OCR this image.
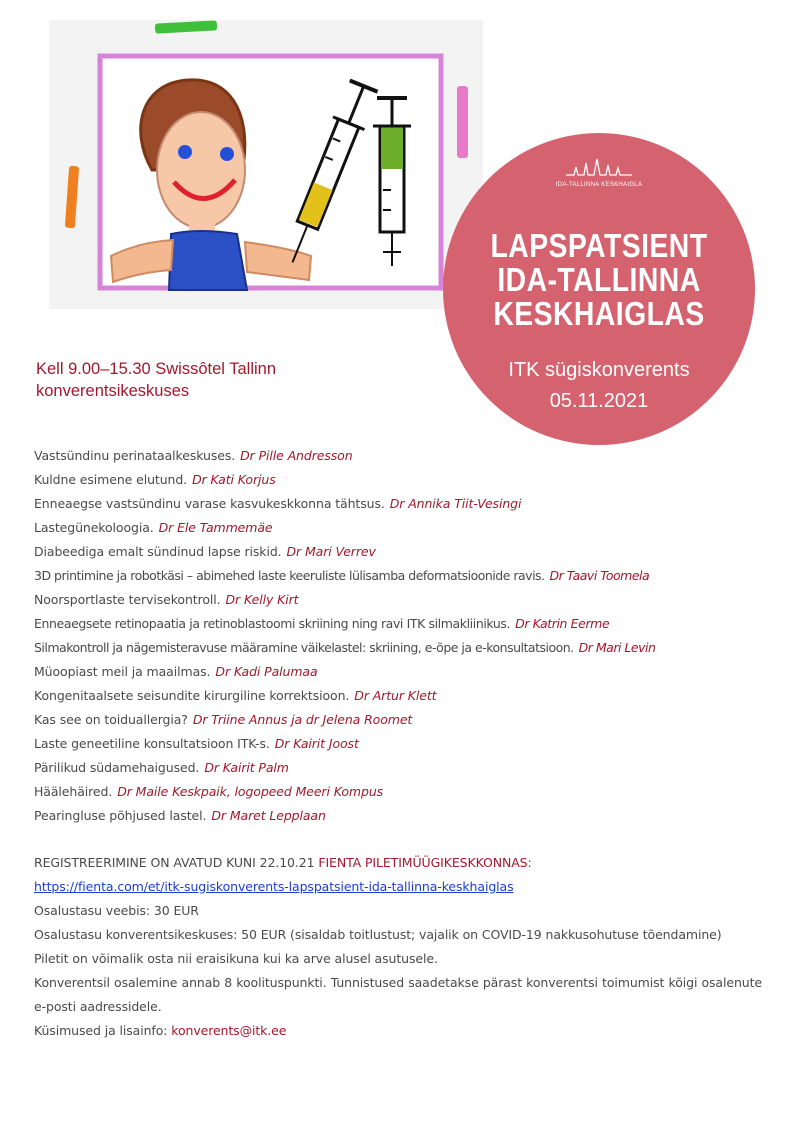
IDA-TALLINNA KESKHAIGLA
LAPSPATSIENT
IDA-TALLINNA
KESKHAIGLAS
ITK sügiskonverents
05.11.2021
Kell 9.00–15.30 Swissôtel Tallinn
konverentsikeskuses
Vastsündinu perinataalkeskuses. Dr Pille Andresson
Kuldne esimene elutund. Dr Kati Korjus
Enneaegse vastsündinu varase kasvukeskkonna tähtsus. Dr Annika Tiit-Vesingi
Lastegünekoloogia. Dr Ele Tammemäe
Diabeediga emalt sündinud lapse riskid. Dr Mari Verrev
3D printimine ja robotkäsi – abimehed laste keeruliste lülisamba deformatsioonide ravis. Dr Taavi Toomela
Noorsportlaste tervisekontroll. Dr Kelly Kirt
Enneaegsete retinopaatia ja retinoblastoomi skriining ning ravi ITK silmakliinikus. Dr Katrin Eerme
Silmakontroll ja nägemisteravuse määramine väikelastel: skriining, e-õpe ja e-konsultatsioon. Dr Mari Levin
Müoopiast meil ja maailmas. Dr Kadi Palumaa
Kongenitaalsete seisundite kirurgiline korrektsioon. Dr Artur Klett
Kas see on toiduallergia? Dr Triine Annus ja dr Jelena Roomet
Laste geneetiline konsultatsioon ITK-s. Dr Kairit Joost
Pärilikud südamehaigused. Dr Kairit Palm
Häälehäired. Dr Maile Keskpaik, logopeed Meeri Kompus
Pearingluse põhjused lastel. Dr Maret Lepplaan
REGISTREERIMINE ON AVATUD KUNI 22.10.21 FIENTA PILETIMÜÜGIKESKKONNAS:
https://fienta.com/et/itk-sugiskonverents-lapspatsient-ida-tallinna-keskhaiglas
Osalustasu veebis: 30 EUR
Osalustasu konverentsikeskuses: 50 EUR (sisaldab toitlustust; vajalik on COVID-19 nakkusohutuse tõendamine)
Piletit on võimalik osta nii eraisikuna kui ka arve alusel asutusele.
Konverentsil osalemine annab 8 koolituspunkti. Tunnistused saadetakse pärast konverentsi toimumist kõigi osalenute e-posti aadressidele.
Küsimused ja lisainfo: konverents@itk.ee
